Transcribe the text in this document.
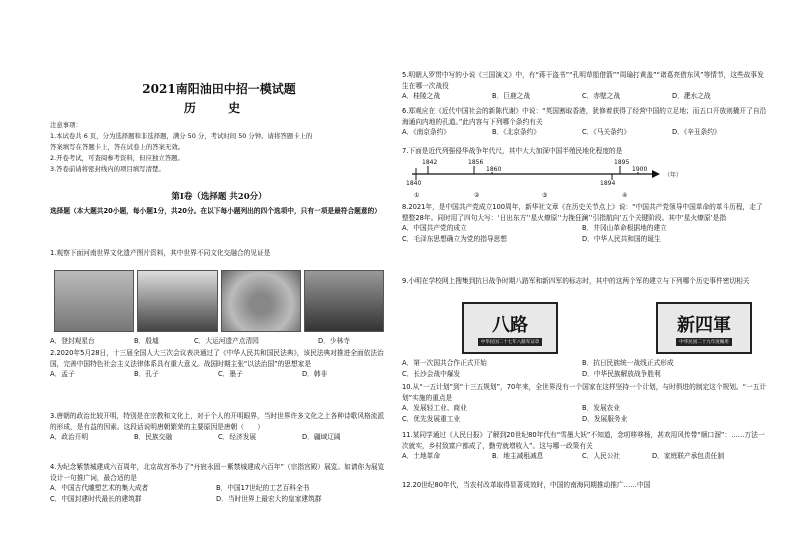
2021南阳油田中招一模试题
历 史
注意事项：
1.本试卷共 6 页，分为选择题和非选择题，满分 50 分，考试时间 50 分钟。请将答题卡上的
答案填写在答题卡上，答在试卷上的答案无效。
2.开卷考试，可查阅参考资料，但应独立答题。
3.答卷前请将密封线内的项目填写清楚。
第Ⅰ卷（选择题 共20分）
选择题（本大题共20小题，每小题1分，共20分。在以下每小题列出的四个选项中，只有一项是最符合题意的）
1.观察下面河南世界文化遗产图片资料，其中世界不同文化交融合的见证是
A．登封观星台	B．殷墟	C．大运河遗产点清园	D．少林寺
2.2020年5月28日，十三届全国人大三次会议表决通过了《中华人民共和国民法典》，该民法典对推进全面依法治国，完善中国特色社会主义法律体系具有重大意义。战国时期主张“以法治国”的思想家是
A．孟子	B．孔子	C．墨子	D．韩非
3.唐朝的政治比较开明，特别是在宗教和文化上，对于个人的开明眼界，当时世界许多文化之上各种诗歌风格流派的形成，是有益的因素。这段话说明唐朝繁荣的主要原因是唐朝（　　）
A．政治开明	B．民族交融	C．经济发展	D．疆域辽阔
4.为纪念紫禁城建成六百周年，北京故宫举办了“丹宸永固－紫禁城建成六百年”（宗指宫殿）展览。如请你为展览设计一句推广词，最合适的是
A．中国古代雕塑艺术的集大成者	B．中国17世纪的工艺百科全书
C．中国封建时代最长的建筑群	D．当时世界上最宏大的皇家建筑群
5.明朝人罗贯中写的小说《三国演义》中，有“蒋干盗书”“孔明草船借箭”“周瑜打黄盖”“诸葛亮借东风”等情节，这些故事发生在哪一次战役
A．桂陵之战	B．巨鹿之战	C．赤壁之战	D．淝水之战
6.郑观应在《近代中国社会的新陈代谢》中说：“英国割取香港，犹修着获得了经营中国的立足地；而五口开放则撬开了自沿海通向内地的孔道。”此内容与下列哪个条约有关
A．《南京条约》	B．《北京条约》	C．《马关条约》	D．《辛丑条约》
7.下面是近代列强侵华战争年代尺，其中大大加深中国半殖民地化程度的是
1842	1856
1860
1895
1900
1840	1894
（年）
①	②	③	④
8.2021年，是中国共产党成立100周年，新华社文章《在历史关节点上》说：“中国共产党领导中国革命的革斗历程，走了整整28年。同时用了四句大写：‘日出东方’‘星火燎原’‘力挽狂澜’‘引指航向’五个关键阶段。其中‘星火燎原’是指
A．中国共产党的成立	B．井冈山革命根据地的建立
C．毛泽东思想确立为党的指导思想	D．中华人民共和国的诞生
9.小明在学校网上搜集到抗日战争时期八路军和新四军的标志时，其中的这两个军的建立与下列哪个历史事件密切相关
八路
中华民国二十七年八路军证章
新四軍
中华民国二十九年度佩用
A．第一次国共合作正式开始	B．抗日民族统一战线正式形成
C．长沙会战中爆发	D．中华民族解放战争胜利
10.从“一五计划”到“十三五规划”，70年来，全世界没有一个国家在这样坚持一个计划，与时俱进的制定这个规划。“一五计划”实施的重点是
A．发展轻工业、商业	B．发展农业
C．优先发展重工业	D．发展服务业
11.某同学通过《人民日报》了解到20世纪80年代有“雪墨大妖”不知道，念叨哆哆杨，甚欢用风传带“顺口溜”：……万法一次就实，乡村致富户都成了，勤劳就增收入”。这与哪一政策有关
A．土地革命	B．地主减租减息	C．人民公社	D．家庭联产承包责任制
12.20世纪80年代，当农村改革取得显著成效时，中国的南海同期推动推广……中国
